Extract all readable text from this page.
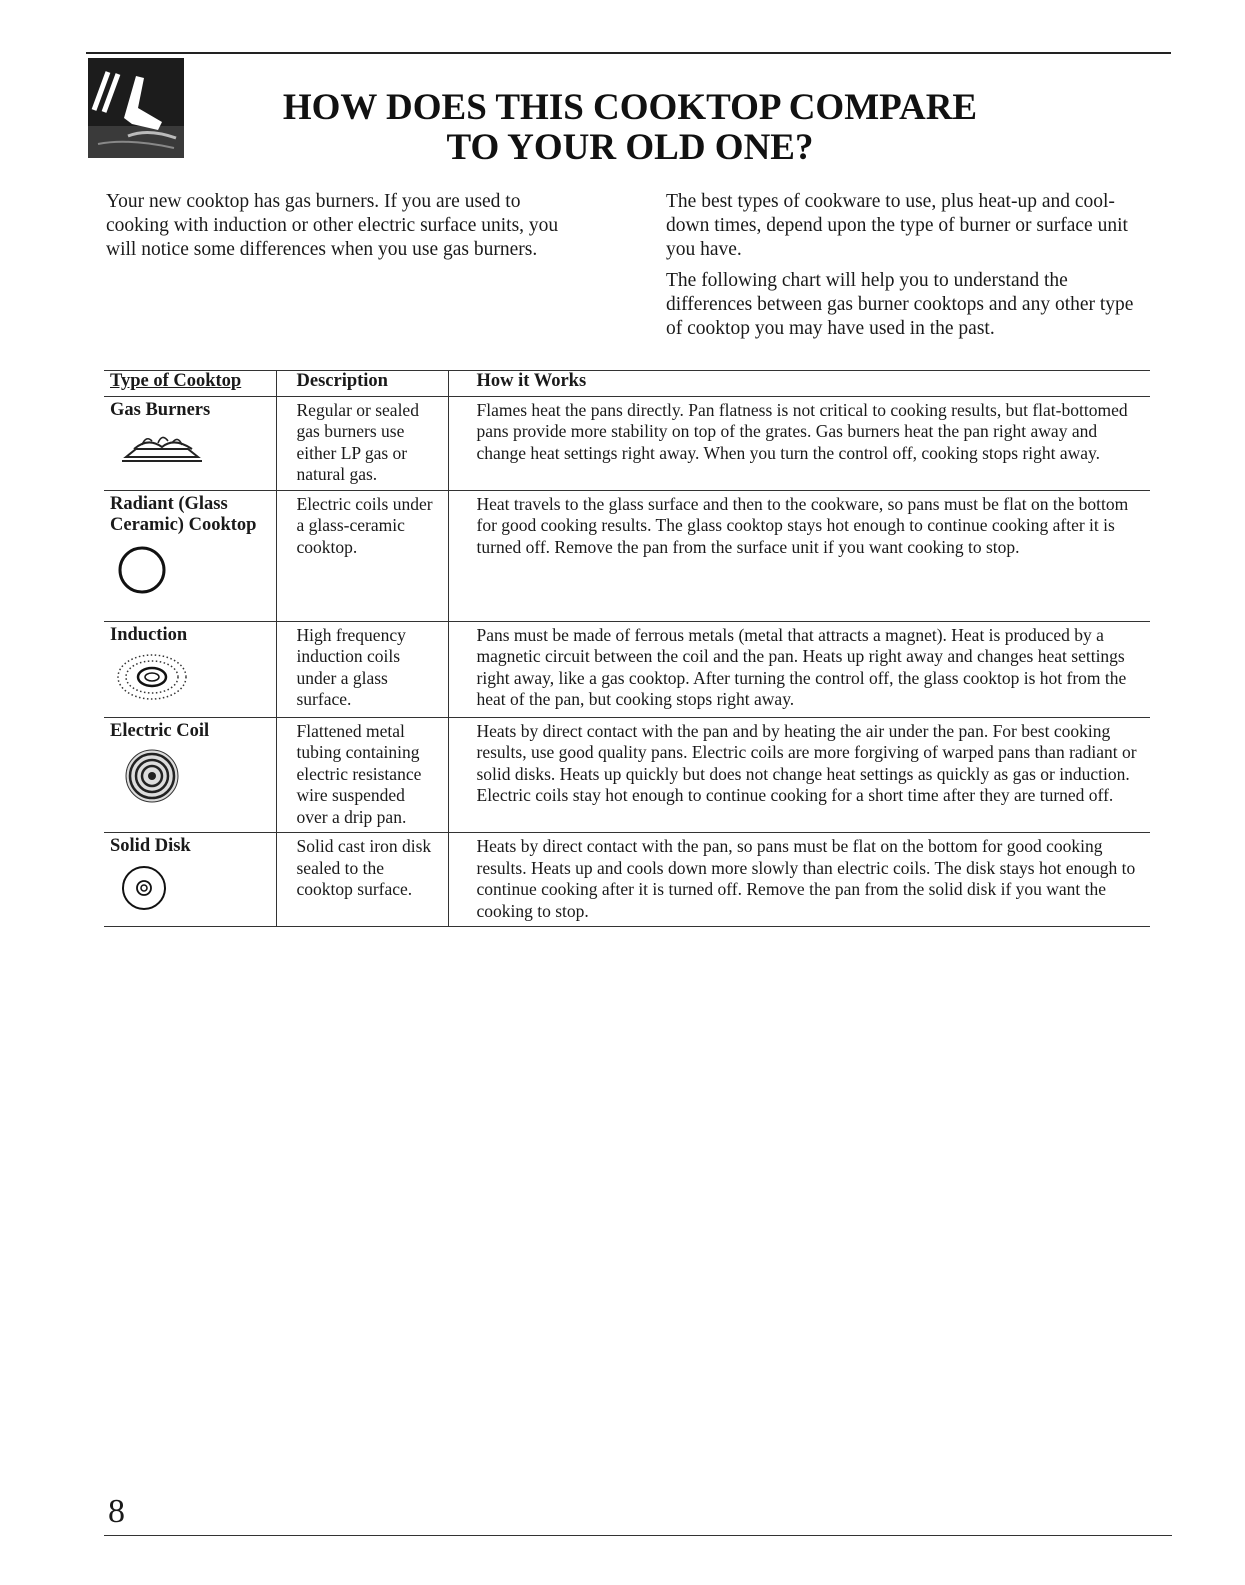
HOW DOES THIS COOKTOP COMPARE
TO YOUR OLD ONE?

Your new cooktop has gas burners. If you are used to cooking with induction or other electric surface units, you will notice some differences when you use gas burners.

The best types of cookware to use, plus heat-up and cool-down times, depend upon the type of burner or surface unit you have.

The following chart will help you to understand the differences between gas burner cooktops and any other type of cooktop you may have used in the past.

Type of Cooktop	Description	How it Works

Gas Burners	Regular or sealed gas burners use either LP gas or natural gas.	Flames heat the pans directly. Pan flatness is not critical to cooking results, but flat-bottomed pans provide more stability on top of the grates. Gas burners heat the pan right away and change heat settings right away. When you turn the control off, cooking stops right away.

Radiant (Glass Ceramic) Cooktop	Electric coils under a glass-ceramic cooktop.	Heat travels to the glass surface and then to the cookware, so pans must be flat on the bottom for good cooking results. The glass cooktop stays hot enough to continue cooking after it is turned off. Remove the pan from the surface unit if you want cooking to stop.

Induction	High frequency induction coils under a glass surface.	Pans must be made of ferrous metals (metal that attracts a magnet). Heat is produced by a magnetic circuit between the coil and the pan. Heats up right away and changes heat settings right away, like a gas cooktop. After turning the control off, the glass cooktop is hot from the heat of the pan, but cooking stops right away.

Electric Coil	Flattened metal tubing containing electric resistance wire suspended over a drip pan.	Heats by direct contact with the pan and by heating the air under the pan. For best cooking results, use good quality pans. Electric coils are more forgiving of warped pans than radiant or solid disks. Heats up quickly but does not change heat settings as quickly as gas or induction. Electric coils stay hot enough to continue cooking for a short time after they are turned off.

Solid Disk	Solid cast iron disk sealed to the cooktop surface.	Heats by direct contact with the pan, so pans must be flat on the bottom for good cooking results. Heats up and cools down more slowly than electric coils. The disk stays hot enough to continue cooking after it is turned off. Remove the pan from the solid disk if you want the cooking to stop.
8
